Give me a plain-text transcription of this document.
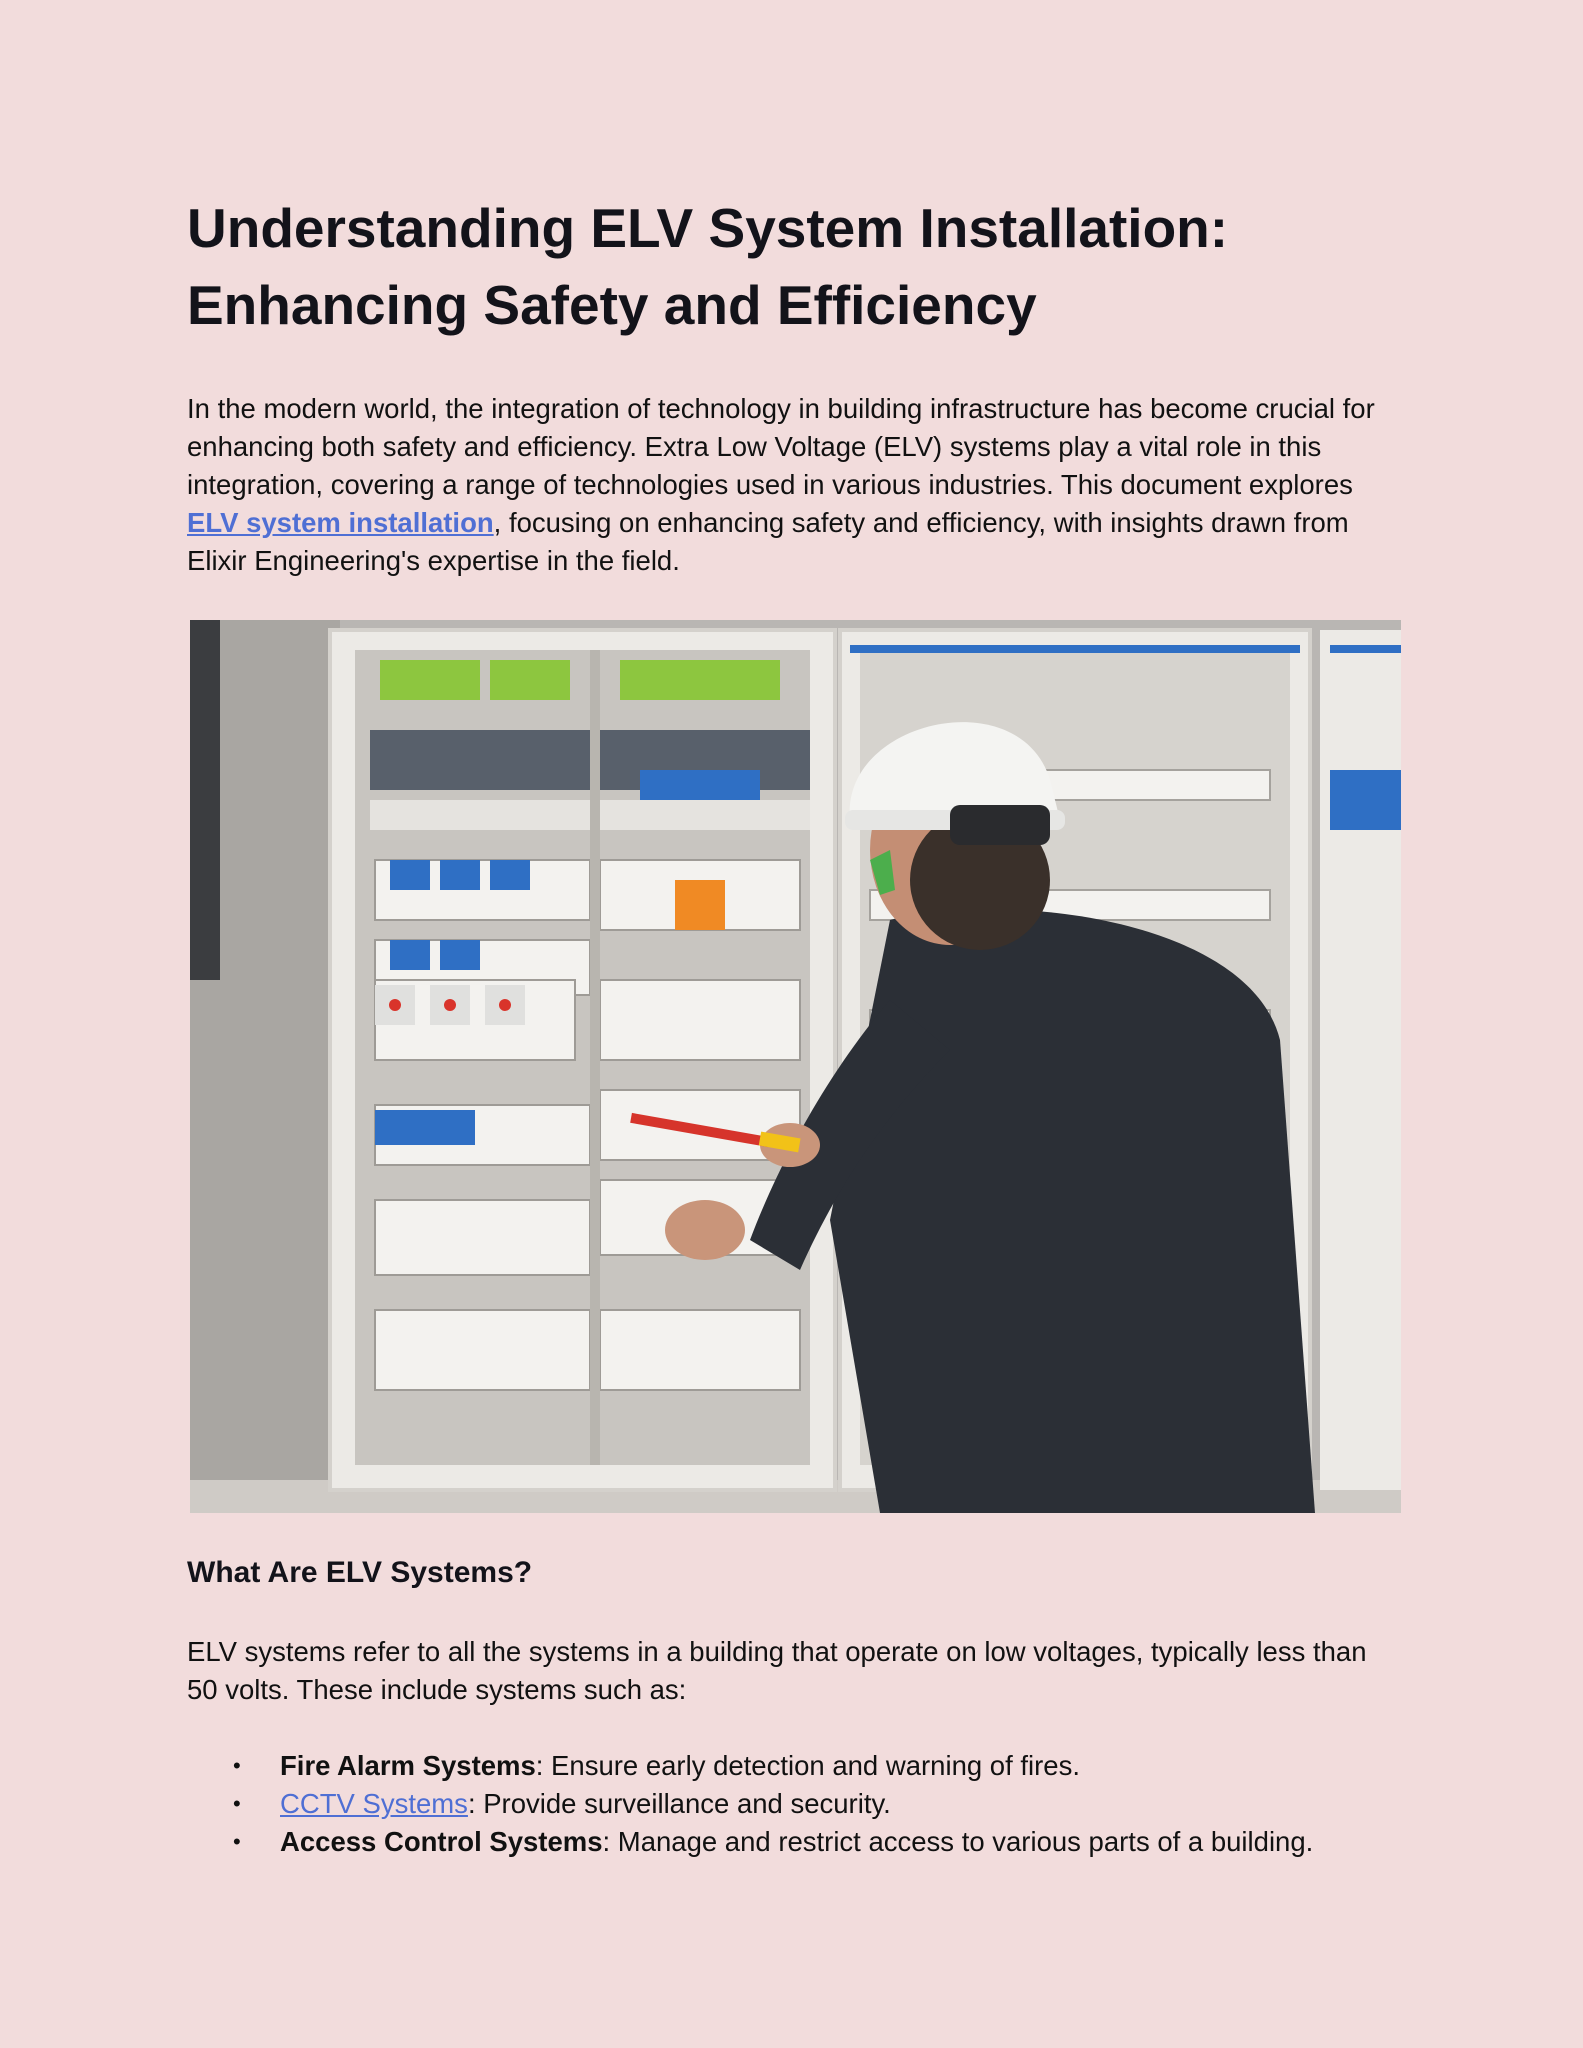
Understanding ELV System Installation: Enhancing Safety and Efficiency

In the modern world, the integration of technology in building infrastructure has become crucial for enhancing both safety and efficiency. Extra Low Voltage (ELV) systems play a vital role in this integration, covering a range of technologies used in various industries. This document explores ELV system installation, focusing on enhancing safety and efficiency, with insights drawn from Elixir Engineering's expertise in the field.

What Are ELV Systems?

ELV systems refer to all the systems in a building that operate on low voltages, typically less than 50 volts. These include systems such as:

• Fire Alarm Systems: Ensure early detection and warning of fires.
• CCTV Systems: Provide surveillance and security.
• Access Control Systems: Manage and restrict access to various parts of a building.
